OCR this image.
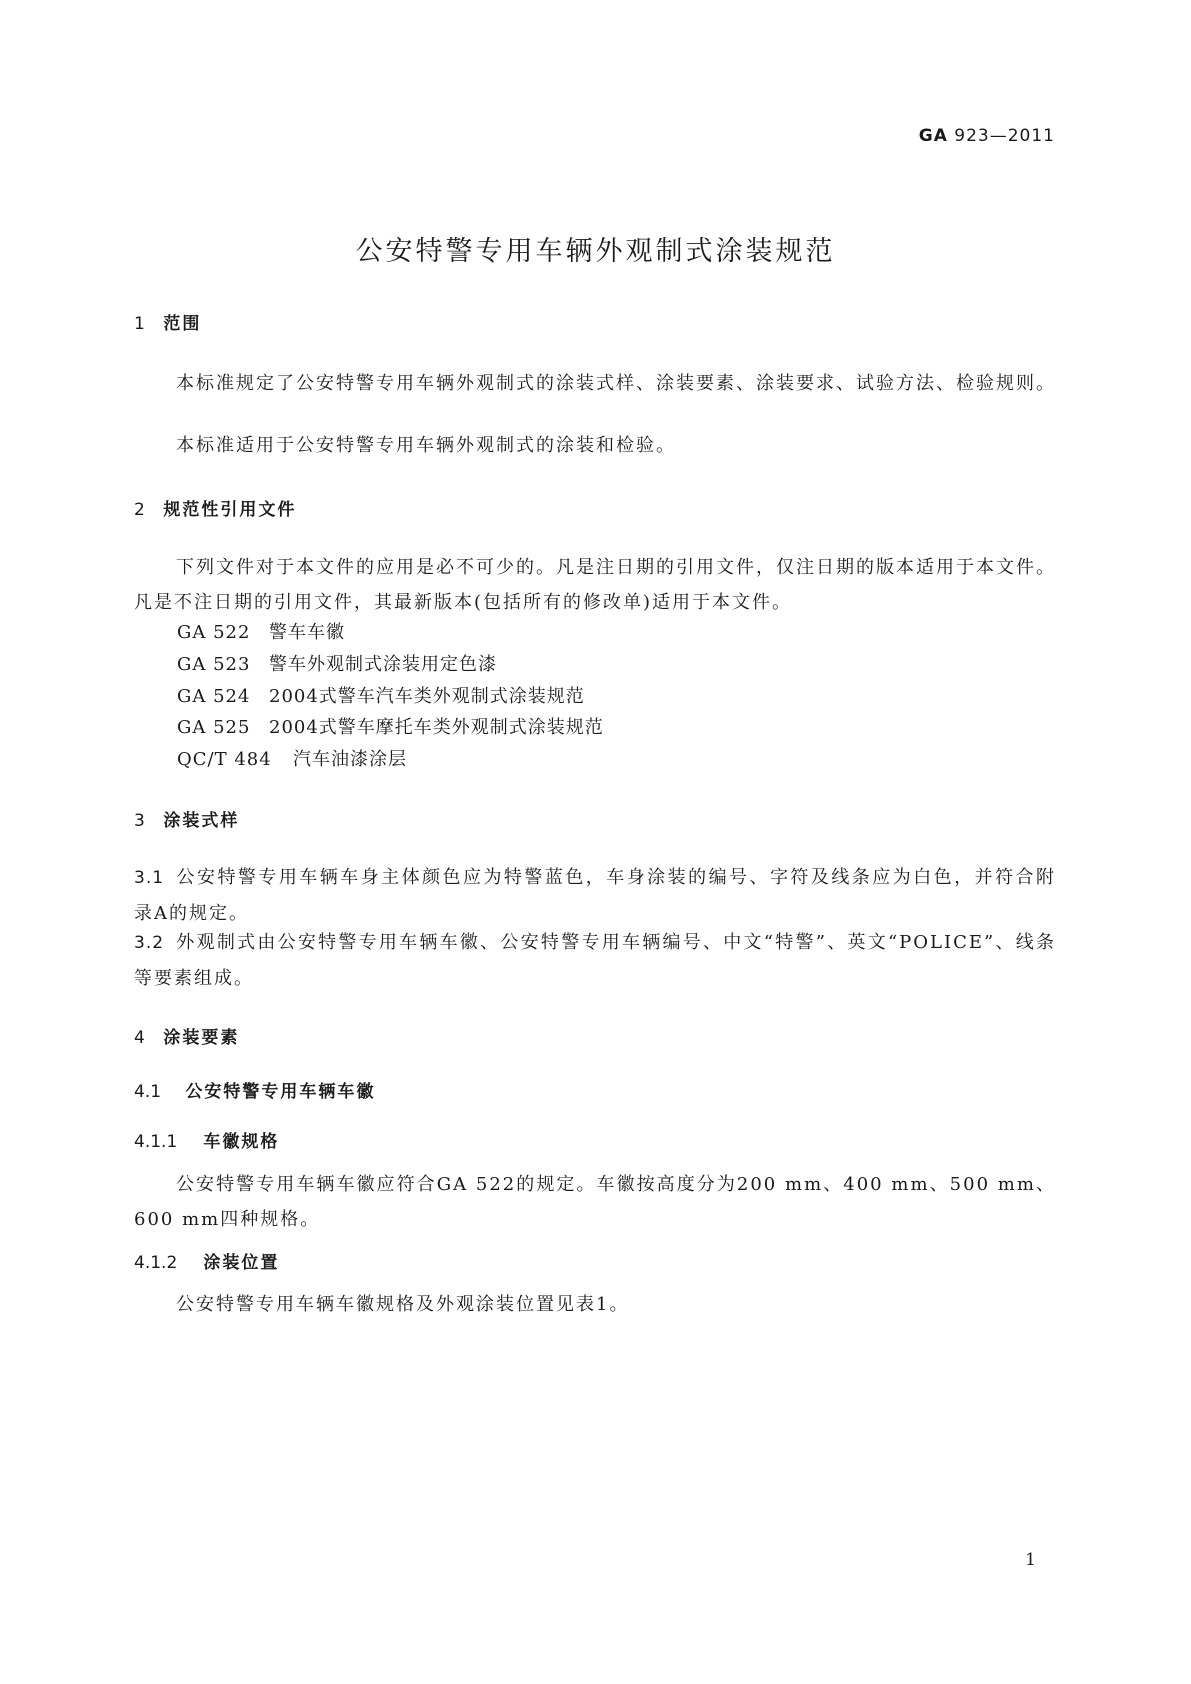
GA 923—2011
公安特警专用车辆外观制式涂装规范
1 范围
本标准规定了公安特警专用车辆外观制式的涂装式样、涂装要素、涂装要求、试验方法、检验规则。
本标准适用于公安特警专用车辆外观制式的涂装和检验。
2 规范性引用文件
下列文件对于本文件的应用是必不可少的。凡是注日期的引用文件，仅注日期的版本适用于本文件。凡是不注日期的引用文件，其最新版本(包括所有的修改单)适用于本文件。
GA 522 警车车徽
GA 523 警车外观制式涂装用定色漆
GA 524 2004式警车汽车类外观制式涂装规范
GA 525 2004式警车摩托车类外观制式涂装规范
QC/T 484 汽车油漆涂层
3 涂装式样
3.1 公安特警专用车辆车身主体颜色应为特警蓝色，车身涂装的编号、字符及线条应为白色，并符合附录A的规定。
3.2 外观制式由公安特警专用车辆车徽、公安特警专用车辆编号、中文“特警”、英文“POLICE”、线条等要素组成。
4 涂装要素
4.1 公安特警专用车辆车徽
4.1.1 车徽规格
公安特警专用车辆车徽应符合GA 522的规定。车徽按高度分为200 mm、400 mm、500 mm、600 mm四种规格。
4.1.2 涂装位置
公安特警专用车辆车徽规格及外观涂装位置见表1。
1
